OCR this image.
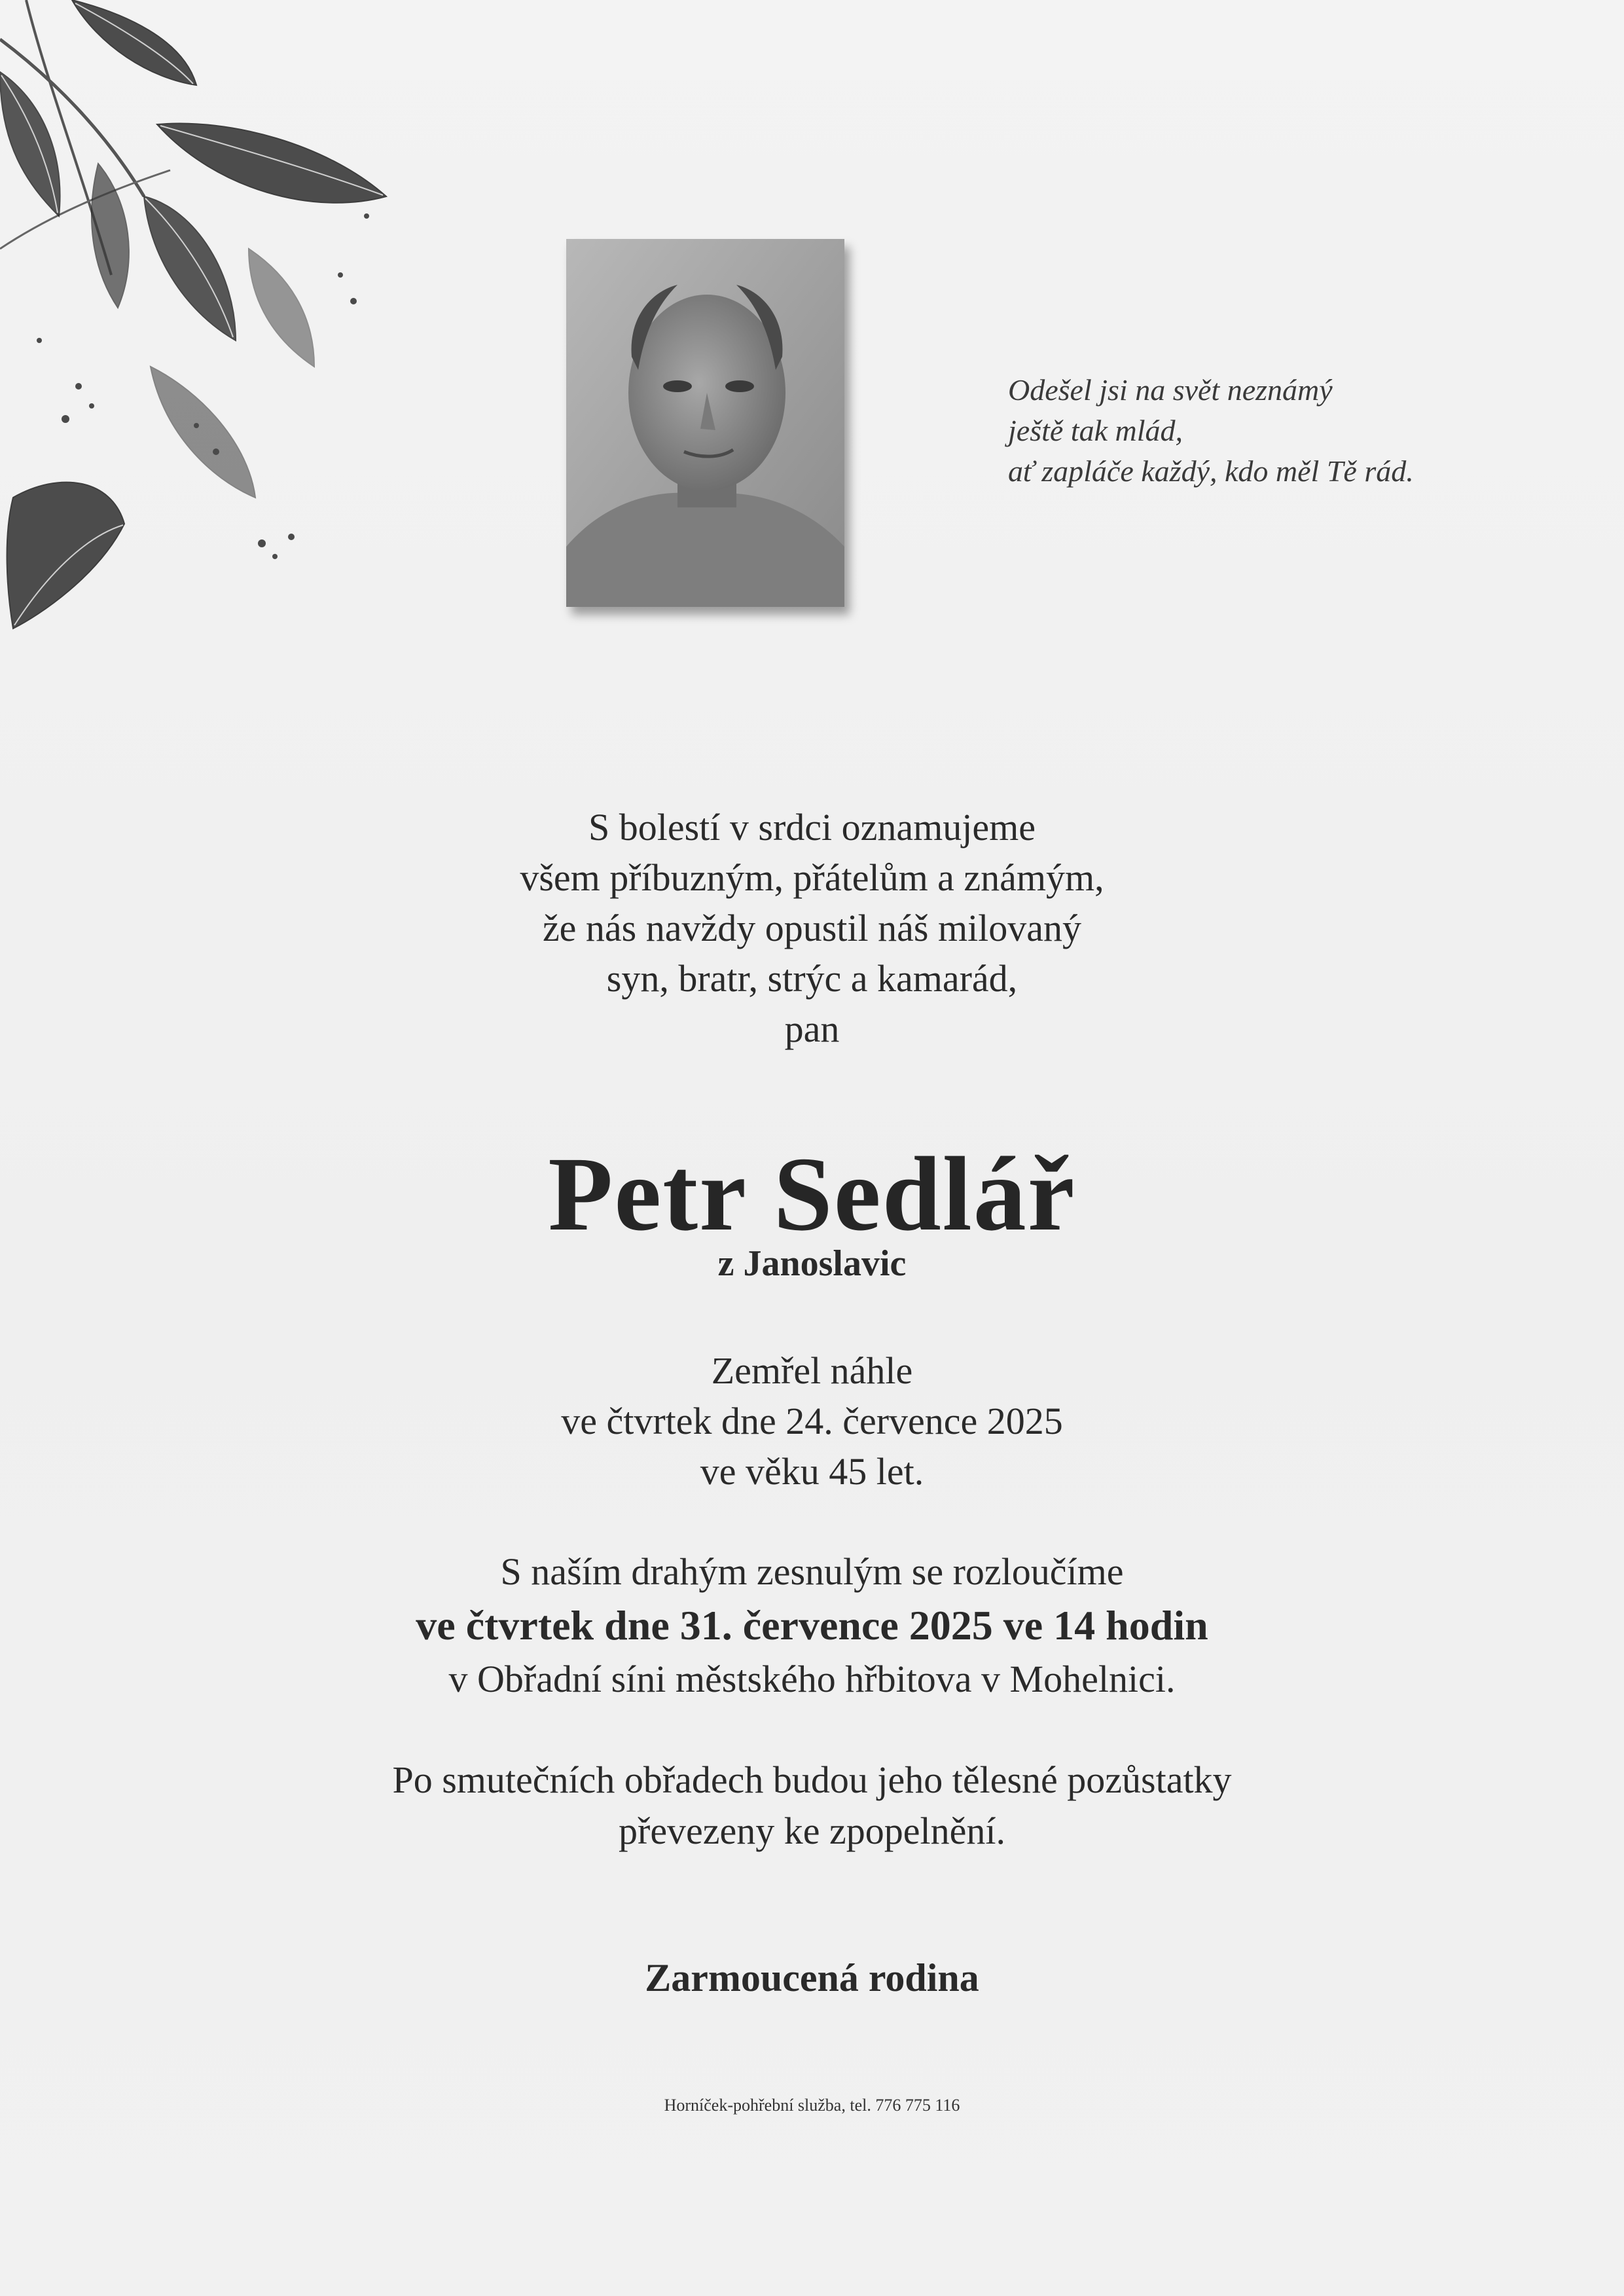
Odešel jsi na svět neznámý
ještě tak mlád,
ať zapláče každý, kdo měl Tě rád.
S bolestí v srdci oznamujeme
všem příbuzným, přátelům a známým,
že nás navždy opustil náš milovaný
syn, bratr, strýc a kamarád,
pan
Petr Sedlář
z Janoslavic
Zemřel náhle
ve čtvrtek dne 24. července 2025
ve věku 45 let.
S naším drahým zesnulým se rozloučíme
ve čtvrtek dne 31. července 2025 ve 14 hodin
v Obřadní síni městského hřbitova v Mohelnici.
Po smutečních obřadech budou jeho tělesné pozůstatky
převezeny ke zpopelnění.
Zarmoucená rodina
Horníček-pohřební služba, tel. 776 775 116
